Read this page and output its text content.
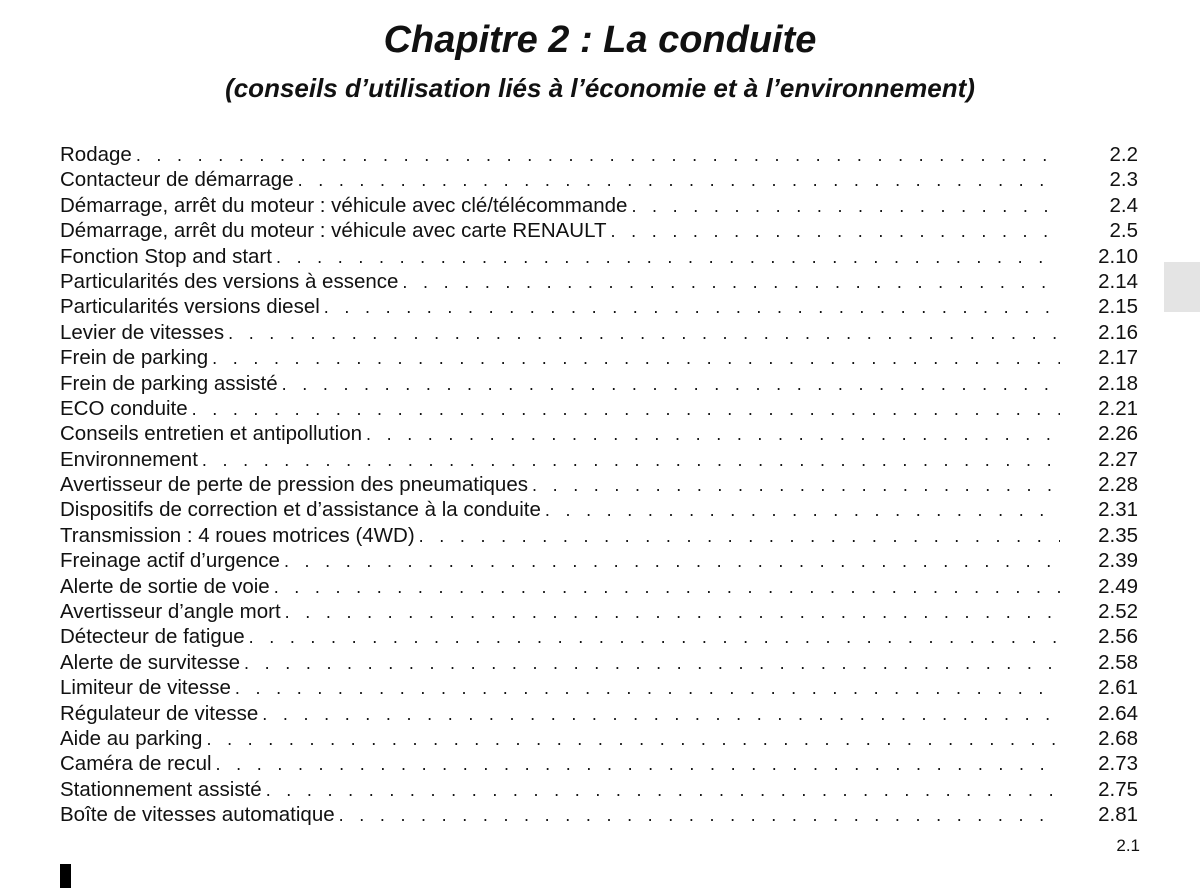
Chapitre 2 : La conduite
(conseils d’utilisation liés à l’économie et à l’environnement)
Rodage . . .	2.2
Contacteur de démarrage . . .	2.3
Démarrage, arrêt du moteur : véhicule avec clé/télécommande . . .	2.4
Démarrage, arrêt du moteur : véhicule avec carte RENAULT . . .	2.5
Fonction Stop and start . . .	2.10
Particularités des versions à essence . . .	2.14
Particularités versions diesel . . .	2.15
Levier de vitesses . . .	2.16
Frein de parking . . .	2.17
Frein de parking assisté . . .	2.18
ECO conduite . . .	2.21
Conseils entretien et antipollution . . .	2.26
Environnement . . .	2.27
Avertisseur de perte de pression des pneumatiques . . .	2.28
Dispositifs de correction et d’assistance à la conduite . . .	2.31
Transmission : 4 roues motrices (4WD) . . .	2.35
Freinage actif d’urgence . . .	2.39
Alerte de sortie de voie . . .	2.49
Avertisseur d’angle mort . . .	2.52
Détecteur de fatigue . . .	2.56
Alerte de survitesse . . .	2.58
Limiteur de vitesse . . .	2.61
Régulateur de vitesse . . .	2.64
Aide au parking . . .	2.68
Caméra de recul . . .	2.73
Stationnement assisté . . .	2.75
Boîte de vitesses automatique . . .	2.81
2.1
